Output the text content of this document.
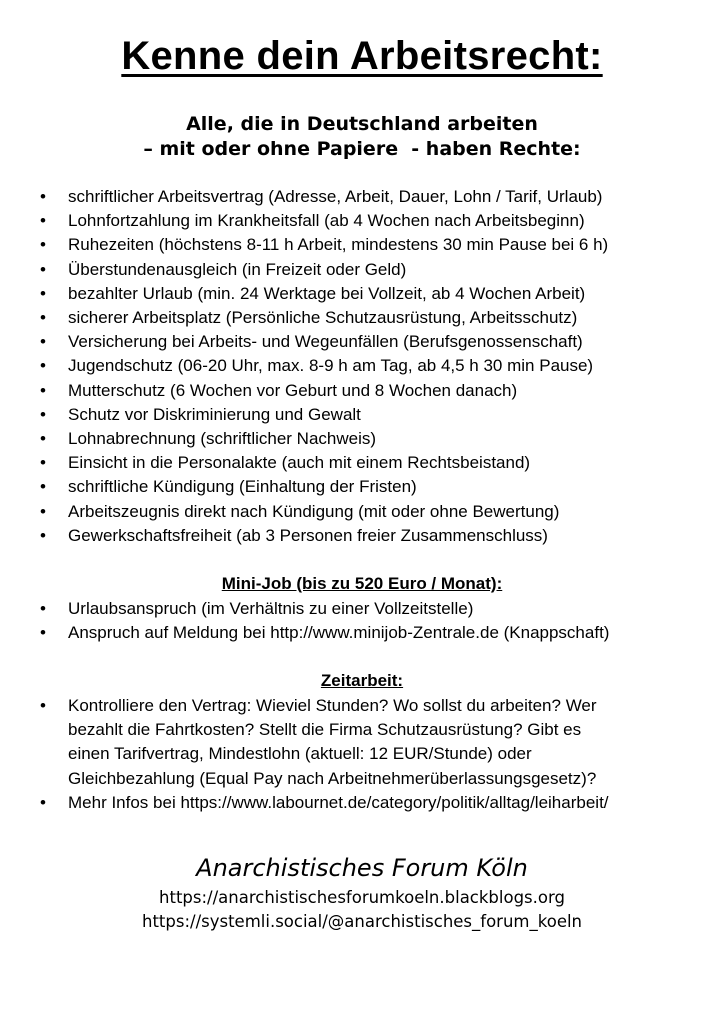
Kenne dein Arbeitsrecht:
Alle, die in Deutschland arbeiten
– mit oder ohne Papiere  - haben Rechte:
• schriftlicher Arbeitsvertrag (Adresse, Arbeit, Dauer, Lohn / Tarif, Urlaub)
• Lohnfortzahlung im Krankheitsfall (ab 4 Wochen nach Arbeitsbeginn)
• Ruhezeiten (höchstens 8-11 h Arbeit, mindestens 30 min Pause bei 6 h)
• Überstundenausgleich (in Freizeit oder Geld)
• bezahlter Urlaub (min. 24 Werktage bei Vollzeit, ab 4 Wochen Arbeit)
• sicherer Arbeitsplatz (Persönliche Schutzausrüstung, Arbeitsschutz)
• Versicherung bei Arbeits- und Wegeunfällen (Berufsgenossenschaft)
• Jugendschutz (06-20 Uhr, max. 8-9 h am Tag, ab 4,5 h 30 min Pause)
• Mutterschutz (6 Wochen vor Geburt und 8 Wochen danach)
• Schutz vor Diskriminierung und Gewalt
• Lohnabrechnung (schriftlicher Nachweis)
• Einsicht in die Personalakte (auch mit einem Rechtsbeistand)
• schriftliche Kündigung (Einhaltung der Fristen)
• Arbeitszeugnis direkt nach Kündigung (mit oder ohne Bewertung)
• Gewerkschaftsfreiheit (ab 3 Personen freier Zusammenschluss)
Mini-Job (bis zu 520 Euro / Monat):
• Urlaubsanspruch (im Verhältnis zu einer Vollzeitstelle)
• Anspruch auf Meldung bei http://www.minijob-Zentrale.de (Knappschaft)
Zeitarbeit:
• Kontrolliere den Vertrag: Wieviel Stunden? Wo sollst du arbeiten? Wer
bezahlt die Fahrtkosten? Stellt die Firma Schutzausrüstung? Gibt es
einen Tarifvertrag, Mindestlohn (aktuell: 12 EUR/Stunde) oder
Gleichbezahlung (Equal Pay nach Arbeitnehmerüberlassungsgesetz)?
• Mehr Infos bei https://www.labournet.de/category/politik/alltag/leiharbeit/
Anarchistisches Forum Köln
https://anarchistischesforumkoeln.blackblogs.org
https://systemli.social/@anarchistisches_forum_koeln
